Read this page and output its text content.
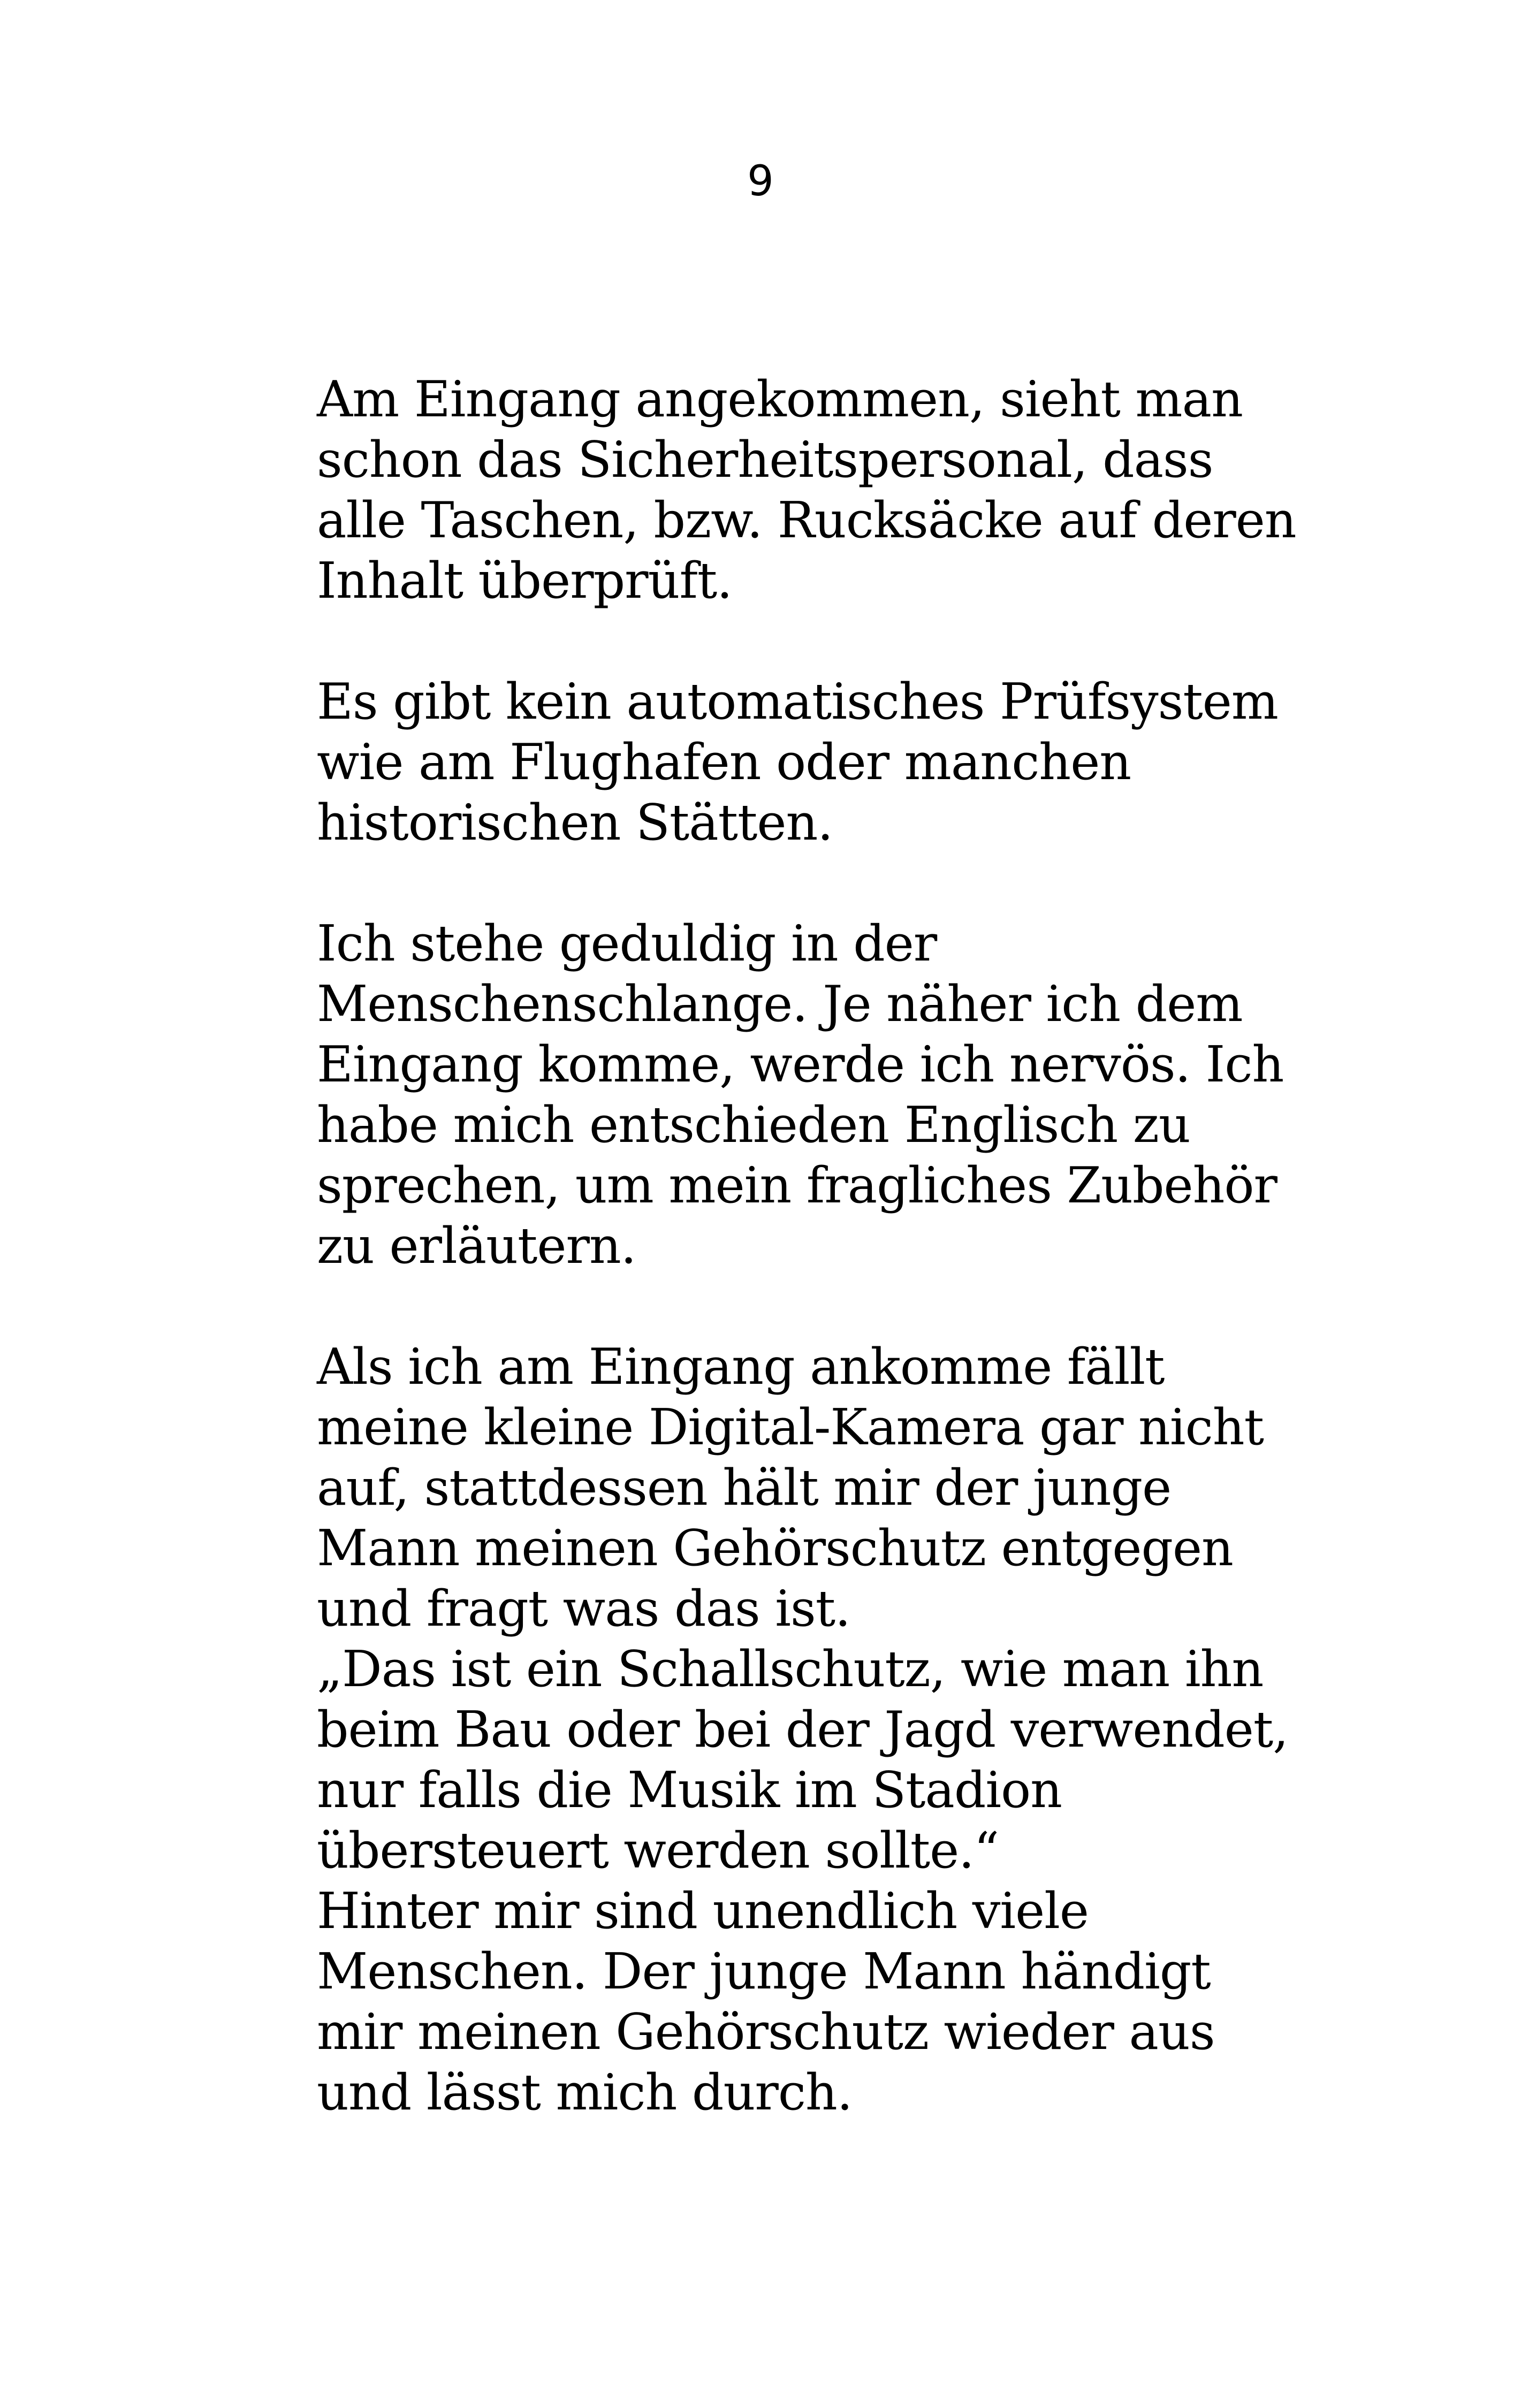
9

Am Eingang angekommen, sieht man
schon das Sicherheitspersonal, dass
alle Taschen, bzw. Rucksäcke auf deren
Inhalt überprüft.

Es gibt kein automatisches Prüfsystem
wie am Flughafen oder manchen
historischen Stätten.

Ich stehe geduldig in der
Menschenschlange. Je näher ich dem
Eingang komme, werde ich nervös. Ich
habe mich entschieden Englisch zu
sprechen, um mein fragliches Zubehör
zu erläutern.

Als ich am Eingang ankomme fällt
meine kleine Digital-Kamera gar nicht
auf, stattdessen hält mir der junge
Mann meinen Gehörschutz entgegen
und fragt was das ist.
„Das ist ein Schallschutz, wie man ihn
beim Bau oder bei der Jagd verwendet,
nur falls die Musik im Stadion
übersteuert werden sollte.“
Hinter mir sind unendlich viele
Menschen. Der junge Mann händigt
mir meinen Gehörschutz wieder aus
und lässt mich durch.
